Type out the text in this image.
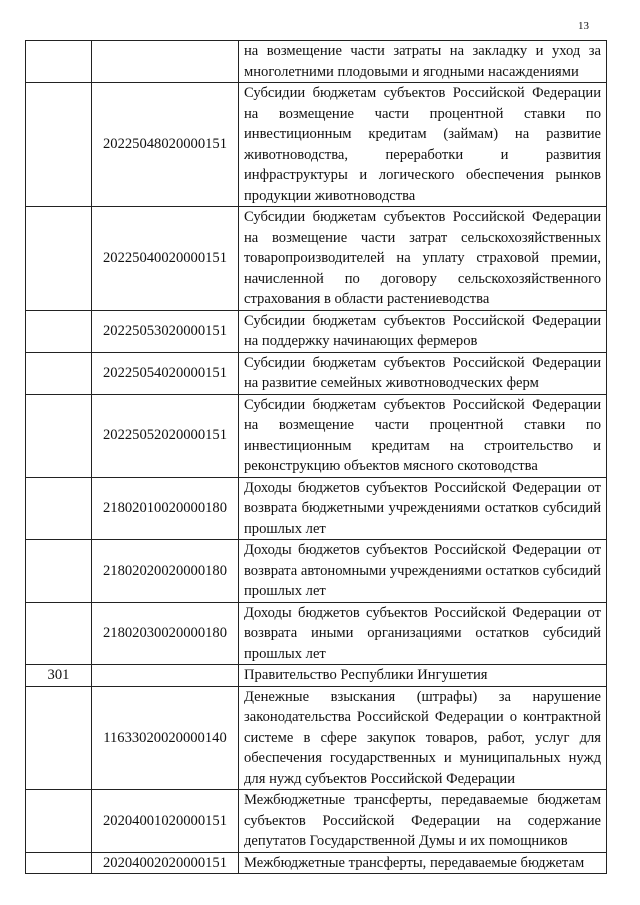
13
		на возмещение части затраты на закладку и уход за многолетними плодовыми и ягодными насаждениями
	20225048020000151	Субсидии бюджетам субъектов Российской Федерации на возмещение части процентной ставки по инвестиционным кредитам (займам) на развитие животноводства, переработки и развития инфраструктуры и логического обеспечения рынков продукции животноводства
	20225040020000151	Субсидии бюджетам субъектов Российской Федерации на возмещение части затрат сельскохозяйственных товаропроизводителей на уплату страховой премии, начисленной по договору сельскохозяйственного страхования в области растениеводства
	20225053020000151	Субсидии бюджетам субъектов Российской Федерации на поддержку начинающих фермеров
	20225054020000151	Субсидии бюджетам субъектов Российской Федерации на развитие семейных животноводческих ферм
	20225052020000151	Субсидии бюджетам субъектов Российской Федерации на возмещение части процентной ставки по инвестиционным кредитам на строительство и реконструкцию объектов мясного скотоводства
	21802010020000180	Доходы бюджетов субъектов Российской Федерации от возврата бюджетными учреждениями остатков субсидий прошлых лет
	21802020020000180	Доходы бюджетов субъектов Российской Федерации от возврата автономными учреждениями остатков субсидий прошлых лет
	21802030020000180	Доходы бюджетов субъектов Российской Федерации от возврата иными организациями остатков субсидий прошлых лет
301		Правительство Республики Ингушетия
	11633020020000140	Денежные взыскания (штрафы) за нарушение законодательства Российской Федерации о контрактной системе в сфере закупок товаров, работ, услуг для обеспечения государственных и муниципальных нужд для нужд субъектов Российской Федерации
	20204001020000151	Межбюджетные трансферты, передаваемые бюджетам субъектов Российской Федерации на содержание депутатов Государственной Думы и их помощников
	20204002020000151	Межбюджетные трансферты, передаваемые бюджетам
